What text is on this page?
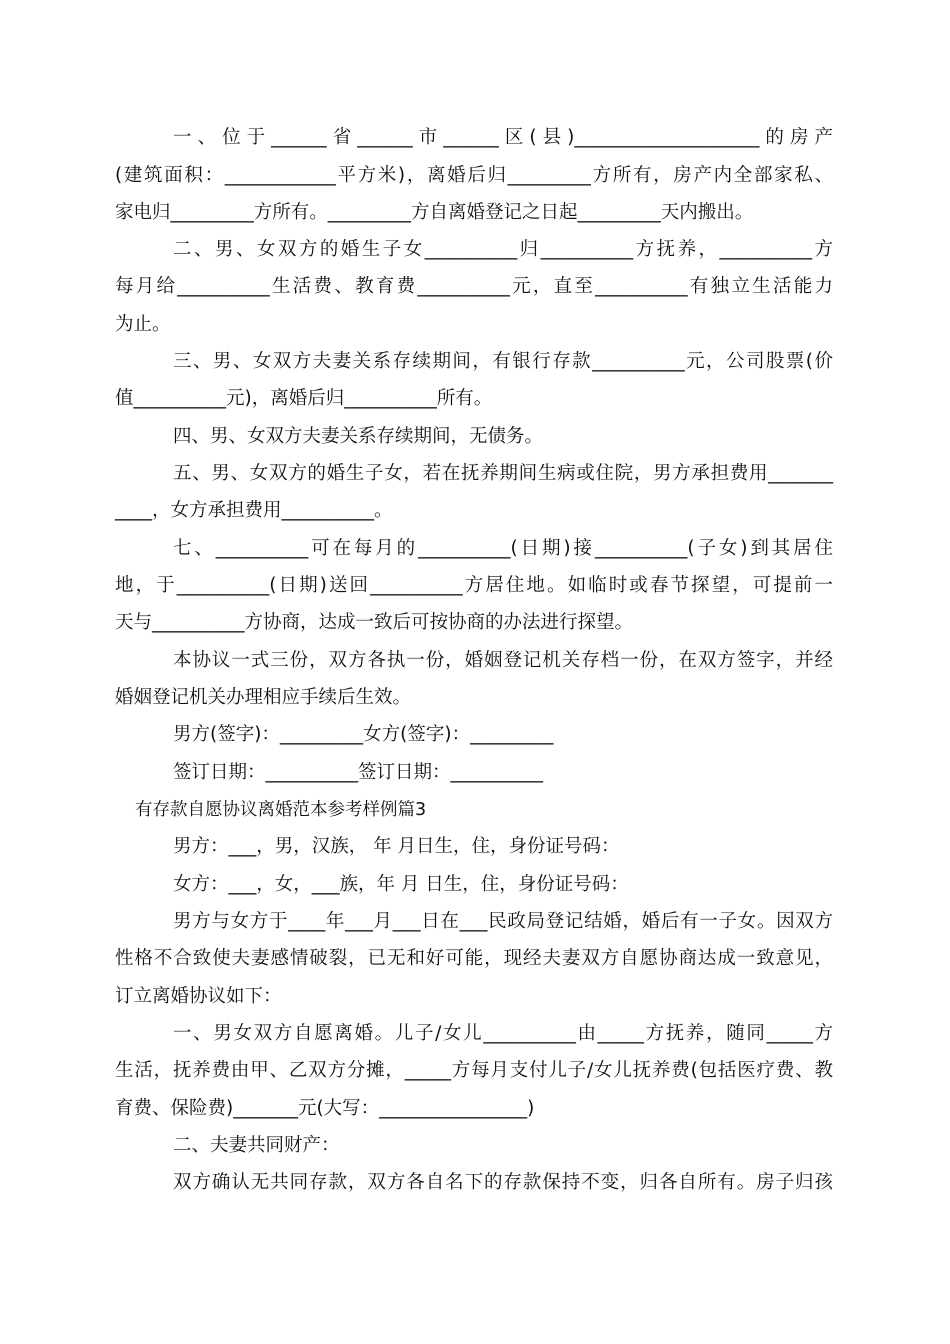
一、位于______省______市______区(县)____________________的房产
(建筑面积：____________平方米)，离婚后归_________方所有，房产内全部家私、
家电归_________方所有。_________方自离婚登记之日起_________天内搬出。
二、男、女双方的婚生子女__________归__________方抚养，__________方
每月给__________生活费、教育费__________元，直至__________有独立生活能力
为止。
三、男、女双方夫妻关系存续期间，有银行存款__________元，公司股票(价
值__________元)，离婚后归__________所有。
四、男、女双方夫妻关系存续期间，无债务。
五、男、女双方的婚生子女，若在抚养期间生病或住院，男方承担费用_______
____，女方承担费用__________。
七、__________可在每月的__________(日期)接__________(子女)到其居住
地，于__________(日期)送回__________方居住地。如临时或春节探望，可提前一
天与__________方协商，达成一致后可按协商的办法进行探望。
本协议一式三份，双方各执一份，婚姻登记机关存档一份，在双方签字，并经
婚姻登记机关办理相应手续后生效。
男方(签字)：_________女方(签字)：_________
签订日期：__________签订日期：__________
有存款自愿协议离婚范本参考样例篇3
男方：___，男，汉族， 年 月日生，住，身份证号码：
女方：___，女，___族，年 月 日生，住，身份证号码：
男方与女方于____年___月___日在___民政局登记结婚，婚后有一子女。因双方
性格不合致使夫妻感情破裂，已无和好可能，现经夫妻双方自愿协商达成一致意见，
订立离婚协议如下：
一、男女双方自愿离婚。儿子/女儿__________由_____方抚养，随同_____方
生活，抚养费由甲、乙双方分摊，_____方每月支付儿子/女儿抚养费(包括医疗费、教
育费、保险费)_______元(大写：________________)
二、夫妻共同财产：
双方确认无共同存款，双方各自名下的存款保持不变，归各自所有。房子归孩
